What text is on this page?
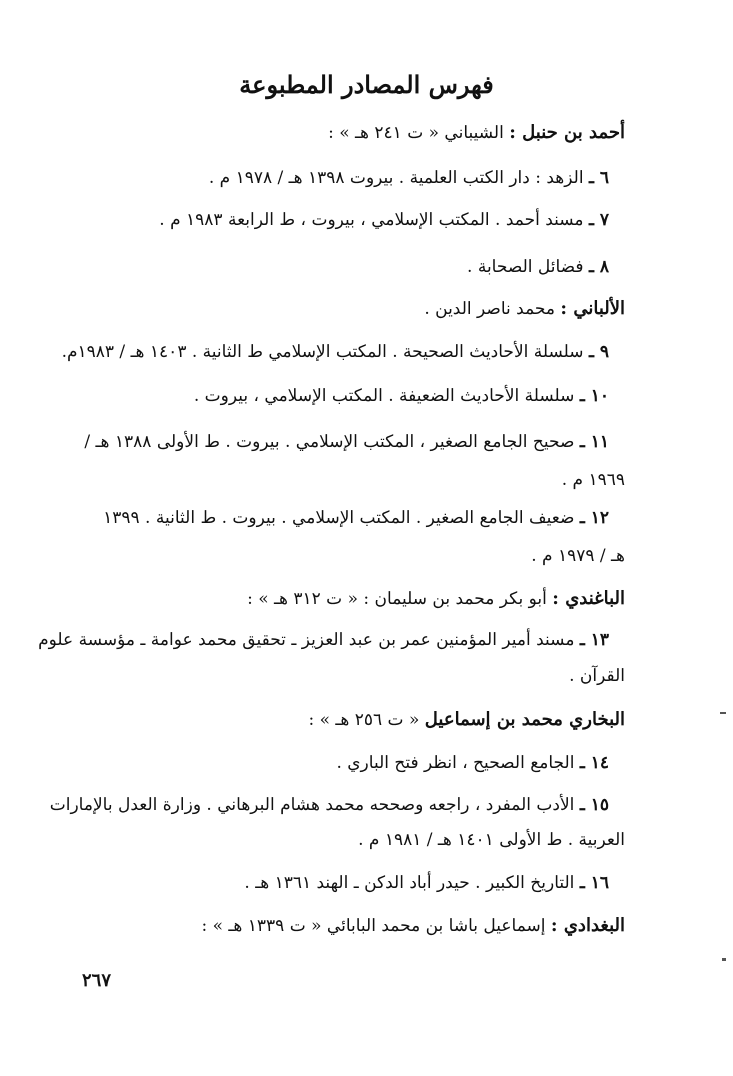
فهرس المصادر المطبوعة
أحمد بن حنبل : الشيباني « ت ٢٤١ هـ » :
٦ ـ الزهد : دار الكتب العلمية . بيروت ١٣٩٨ هـ / ١٩٧٨ م .
٧ ـ مسند أحمد . المكتب الإسلامي ، بيروت ، ط الرابعة ١٩٨٣ م .
٨ ـ فضائل الصحابة .
الألباني : محمد ناصر الدين .
٩ ـ سلسلة الأحاديث الصحيحة . المكتب الإسلامي ط الثانية . ١٤٠٣ هـ / ١٩٨٣م.
١٠ ـ سلسلة الأحاديث الضعيفة . المكتب الإسلامي ، بيروت .
١١ ـ صحيح الجامع الصغير ، المكتب الإسلامي . بيروت . ط الأولى ١٣٨٨ هـ /
١٩٦٩ م .
١٢ ـ ضعيف الجامع الصغير . المكتب الإسلامي . بيروت . ط الثانية . ١٣٩٩
هـ / ١٩٧٩ م .
الباغندي : أبو بكر محمد بن سليمان : « ت ٣١٢ هـ » :
١٣ ـ مسند أمير المؤمنين عمر بن عبد العزيز ـ تحقيق محمد عوامة ـ مؤسسة علوم
القرآن .
البخاري محمد بن إسماعيل « ت ٢٥٦ هـ » :
١٤ ـ الجامع الصحيح ، انظر فتح الباري .
١٥ ـ الأدب المفرد ، راجعه وصححه محمد هشام البرهاني . وزارة العدل بالإمارات
العربية . ط الأولى ١٤٠١ هـ / ١٩٨١ م .
١٦ ـ التاريخ الكبير . حيدر أباد الدكن ـ الهند ١٣٦١ هـ .
البغدادي : إسماعيل باشا بن محمد البابائي « ت ١٣٣٩ هـ » :
٢٦٧
